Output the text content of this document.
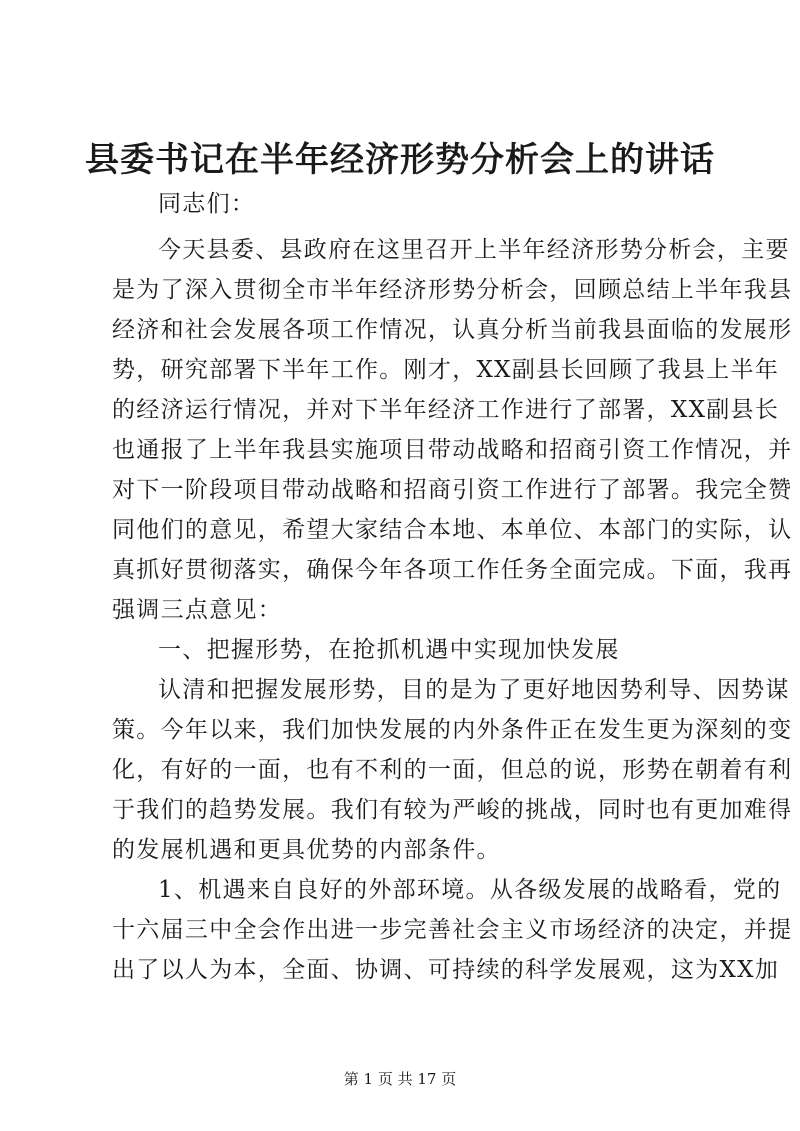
县委书记在半年经济形势分析会上的讲话
同志们：
今天县委、县政府在这里召开上半年经济形势分析会，主要
是为了深入贯彻全市半年经济形势分析会，回顾总结上半年我县
经济和社会发展各项工作情况，认真分析当前我县面临的发展形
势，研究部署下半年工作。刚才，XX副县长回顾了我县上半年
的经济运行情况，并对下半年经济工作进行了部署，XX副县长
也通报了上半年我县实施项目带动战略和招商引资工作情况，并
对下一阶段项目带动战略和招商引资工作进行了部署。我完全赞
同他们的意见，希望大家结合本地、本单位、本部门的实际，认
真抓好贯彻落实，确保今年各项工作任务全面完成。下面，我再
强调三点意见：
一、把握形势，在抢抓机遇中实现加快发展
认清和把握发展形势，目的是为了更好地因势利导、因势谋
策。今年以来，我们加快发展的内外条件正在发生更为深刻的变
化，有好的一面，也有不利的一面，但总的说，形势在朝着有利
于我们的趋势发展。我们有较为严峻的挑战，同时也有更加难得
的发展机遇和更具优势的内部条件。
1、机遇来自良好的外部环境。从各级发展的战略看，党的
十六届三中全会作出进一步完善社会主义市场经济的决定，并提
出了以人为本，全面、协调、可持续的科学发展观，这为XX加
第 1 页 共 17 页
